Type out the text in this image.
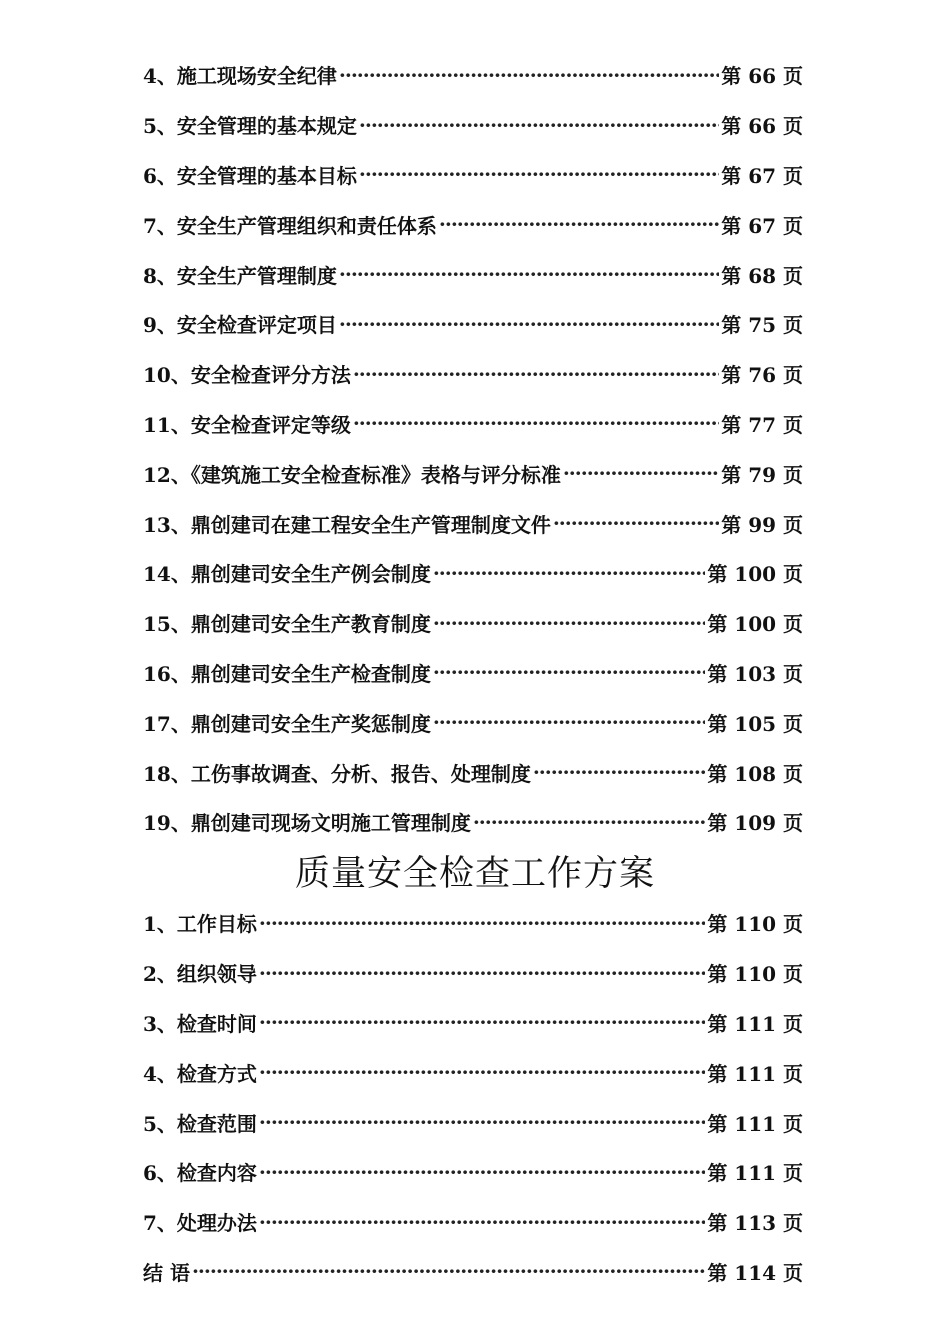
4、施工现场安全纪律 ·····	第 66 页
5、安全管理的基本规定 ·····	第 66 页
6、安全管理的基本目标 ·····	第 67 页
7、安全生产管理组织和责任体系 ·····	第 67 页
8、安全生产管理制度 ·····	第 68 页
9、安全检查评定项目 ·····	第 75 页
10、安全检查评分方法 ·····	第 76 页
11、安全检查评定等级 ·····	第 77 页
12、《建筑施工安全检查标准》表格与评分标准 ·····	第 79 页
13、鼎创建司在建工程安全生产管理制度文件 ·····	第 99 页
14、鼎创建司安全生产例会制度 ·····	第 100 页
15、鼎创建司安全生产教育制度 ·····	第 100 页
16、鼎创建司安全生产检查制度 ·····	第 103 页
17、鼎创建司安全生产奖惩制度 ·····	第 105 页
18、工伤事故调查、分析、报告、处理制度 ·····	第 108 页
19、鼎创建司现场文明施工管理制度 ·····	第 109 页
质量安全检查工作方案
1、工作目标 ·····	第 110 页
2、组织领导 ·····	第 110 页
3、检查时间 ·····	第 111 页
4、检查方式 ·····	第 111 页
5、检查范围 ·····	第 111 页
6、检查内容 ·····	第 111 页
7、处理办法 ·····	第 113 页
结 语 ·····	第 114 页
